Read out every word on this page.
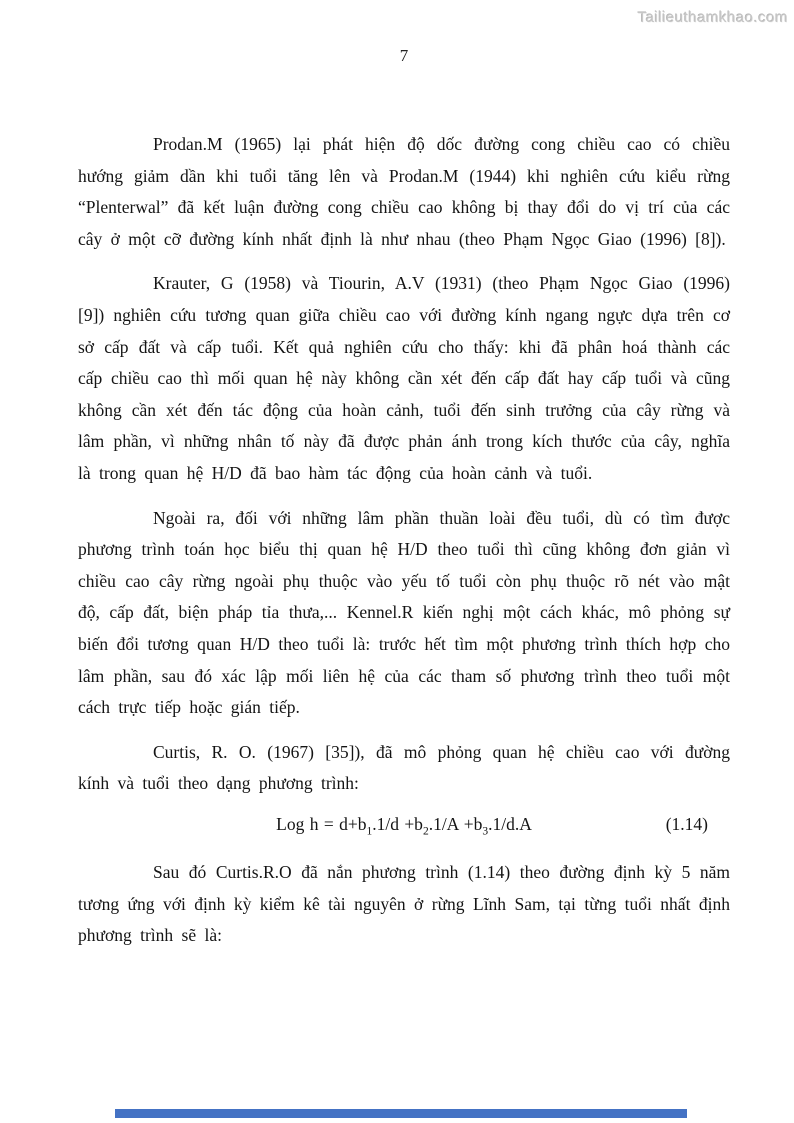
Tailieuthamkhao.com
7

Prodan.M (1965) lại phát hiện độ dốc đường cong chiều cao có chiều hướng giảm dần khi tuổi tăng lên và Prodan.M (1944) khi nghiên cứu kiểu rừng “Plenterwal” đã kết luận đường cong chiều cao không bị thay đổi do vị trí của các cây ở một cỡ đường kính nhất định là như nhau (theo Phạm Ngọc Giao (1996) [8]).

Krauter, G (1958) và Tiourin, A.V (1931) (theo Phạm Ngọc Giao (1996) [9]) nghiên cứu tương quan giữa chiều cao với đường kính ngang ngực dựa trên cơ sở cấp đất và cấp tuổi. Kết quả nghiên cứu cho thấy: khi đã phân hoá thành các cấp chiều cao thì mối quan hệ này không cần xét đến cấp đất hay cấp tuổi và cũng không cần xét đến tác động của hoàn cảnh, tuổi đến sinh trưởng của cây rừng và lâm phần, vì những nhân tố này đã được phản ánh trong kích thước của cây, nghĩa là trong quan hệ H/D đã bao hàm tác động của hoàn cảnh và tuổi.

Ngoài ra, đối với những lâm phần thuần loài đều tuổi, dù có tìm được phương trình toán học biểu thị quan hệ H/D theo tuổi thì cũng không đơn giản vì chiều cao cây rừng ngoài phụ thuộc vào yếu tố tuổi còn phụ thuộc rõ nét vào mật độ, cấp đất, biện pháp tỉa thưa,... Kennel.R kiến nghị một cách khác, mô phỏng sự biến đổi tương quan H/D theo tuổi là: trước hết tìm một phương trình thích hợp cho lâm phần, sau đó xác lập mối liên hệ của các tham số phương trình theo tuổi một cách trực tiếp hoặc gián tiếp.

Curtis, R. O. (1967) [35]), đã mô phỏng quan hệ chiều cao với đường kính và tuổi theo dạng phương trình:

Log $h = d+b_1.1/d +b_2.1/A +b_3.1/d.A$	(1.14)

Sau đó Curtis.R.O đã nắn phương trình (1.14) theo đường định kỳ 5 năm tương ứng với định kỳ kiểm kê tài nguyên ở rừng Lĩnh Sam, tại từng tuổi nhất định phương trình sẽ là:
